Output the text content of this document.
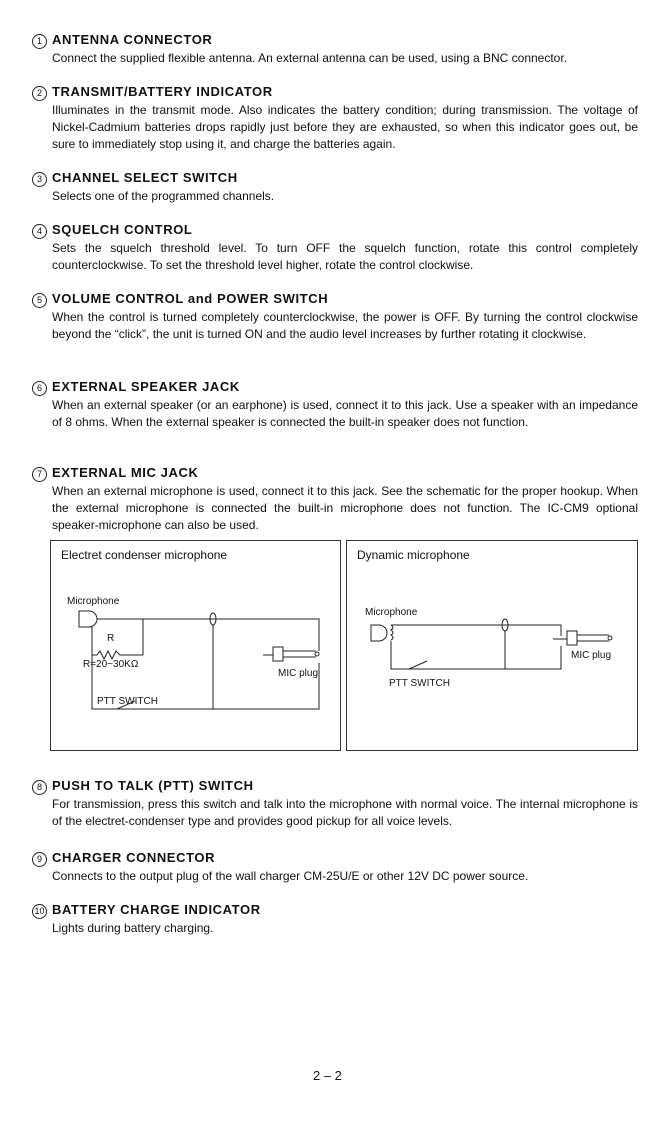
1 ANTENNA CONNECTOR
Connect the supplied flexible antenna. An external antenna can be used, using a BNC connector.
2 TRANSMIT/BATTERY INDICATOR
Illuminates in the transmit mode. Also indicates the battery condition; during transmission. The voltage of Nickel-Cadmium batteries drops rapidly just before they are exhausted, so when this indicator goes out, be sure to immediately stop using it, and charge the batteries again.
3 CHANNEL SELECT SWITCH
Selects one of the programmed channels.
4 SQUELCH CONTROL
Sets the squelch threshold level. To turn OFF the squelch function, rotate this control completely counterclockwise. To set the threshold level higher, rotate the control clockwise.
5 VOLUME CONTROL and POWER SWITCH
When the control is turned completely counterclockwise, the power is OFF. By turning the control clockwise beyond the “click”, the unit is turned ON and the audio level increases by further rotating it clockwise.
6 EXTERNAL SPEAKER JACK
When an external speaker (or an earphone) is used, connect it to this jack. Use a speaker with an impedance of 8 ohms. When the external speaker is connected the built-in speaker does not function.
7 EXTERNAL MIC JACK
When an external microphone is used, connect it to this jack. See the schematic for the proper hookup. When the external microphone is connected the built-in microphone does not function. The IC-CM9 optional speaker-microphone can also be used.
8 PUSH TO TALK (PTT) SWITCH
For transmission, press this switch and talk into the microphone with normal voice. The internal microphone is of the electret-condenser type and provides good pickup for all voice levels.
9 CHARGER CONNECTOR
Connects to the output plug of the wall charger CM-25U/E or other 12V DC power source.
10 BATTERY CHARGE INDICATOR
Lights during battery charging.
Electret condenser microphone
Microphone
R
R=20~30KΩ
MIC plug
PTT SWITCH
Dynamic microphone
Microphone
MIC plug
PTT SWITCH
2 – 2
